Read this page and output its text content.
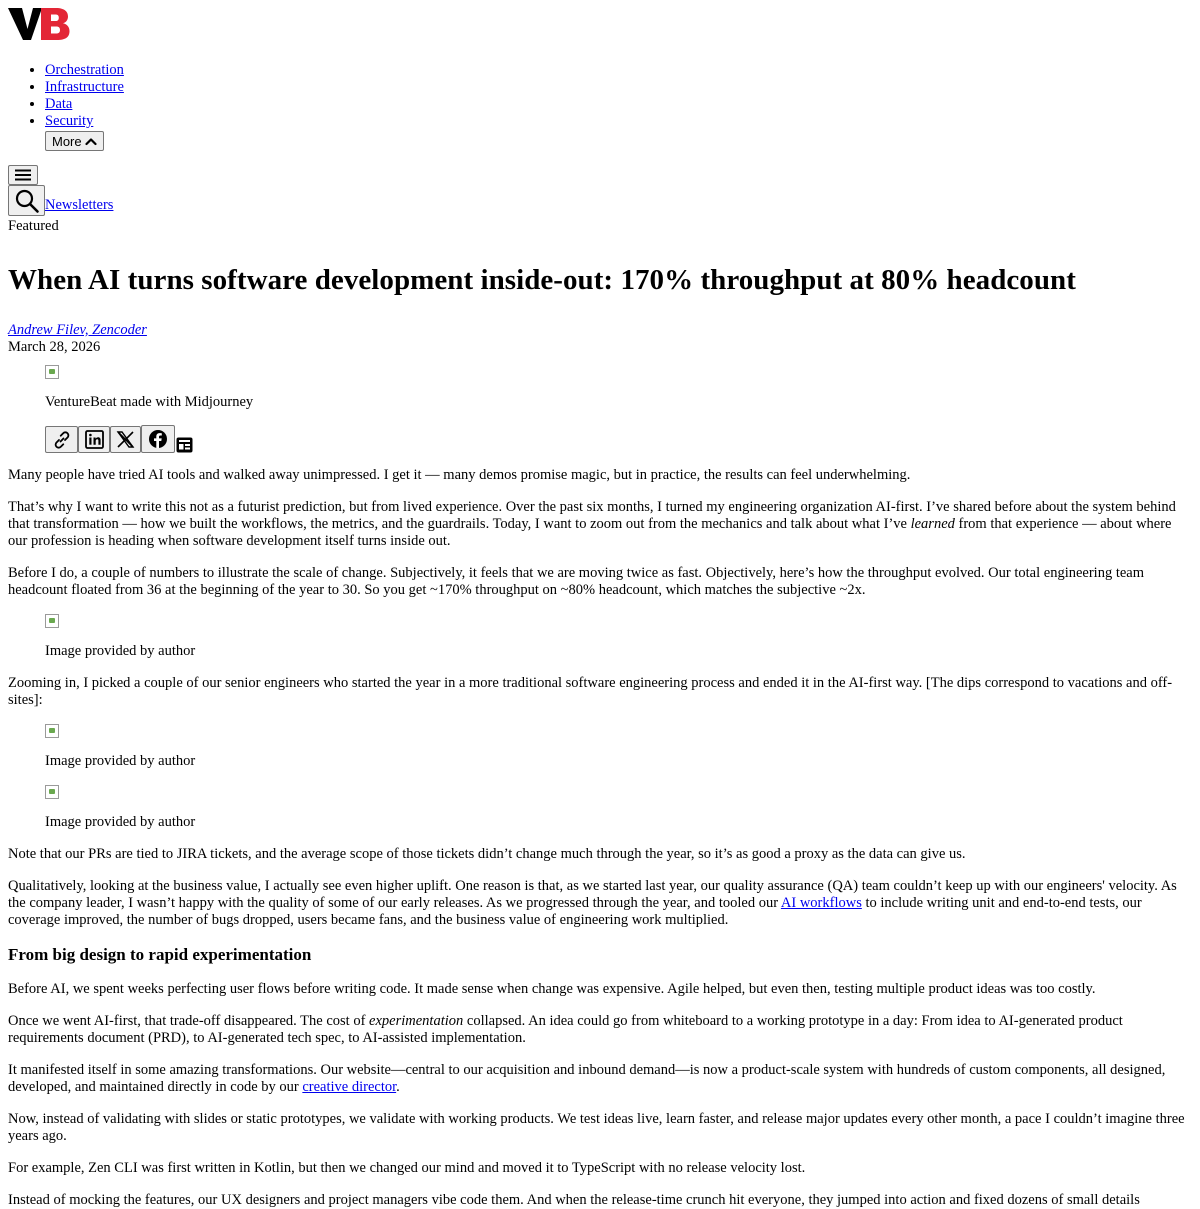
• Orchestration
• Infrastructure
• Data
• Security
More
Newsletters
Featured
When AI turns software development inside-out: 170% throughput at 80% headcount
Andrew Filev, Zencoder
March 28, 2026
VentureBeat made with Midjourney

Many people have tried AI tools and walked away unimpressed. I get it — many demos promise magic, but in practice, the results can feel underwhelming.

That’s why I want to write this not as a futurist prediction, but from lived experience. Over the past six months, I turned my engineering organization AI-first. I’ve shared before about the system behind that transformation — how we built the workflows, the metrics, and the guardrails. Today, I want to zoom out from the mechanics and talk about what I’ve learned from that experience — about where our profession is heading when software development itself turns inside out.

Before I do, a couple of numbers to illustrate the scale of change. Subjectively, it feels that we are moving twice as fast. Objectively, here’s how the throughput evolved. Our total engineering team headcount floated from 36 at the beginning of the year to 30. So you get ~170% throughput on ~80% headcount, which matches the subjective ~2x.

Image provided by author

Zooming in, I picked a couple of our senior engineers who started the year in a more traditional software engineering process and ended it in the AI-first way. [The dips correspond to vacations and off-sites]:

Image provided by author
Image provided by author

Note that our PRs are tied to JIRA tickets, and the average scope of those tickets didn’t change much through the year, so it’s as good a proxy as the data can give us.

Qualitatively, looking at the business value, I actually see even higher uplift. One reason is that, as we started last year, our quality assurance (QA) team couldn’t keep up with our engineers' velocity. As the company leader, I wasn’t happy with the quality of some of our early releases. As we progressed through the year, and tooled our AI workflows to include writing unit and end-to-end tests, our coverage improved, the number of bugs dropped, users became fans, and the business value of engineering work multiplied.

From big design to rapid experimentation

Before AI, we spent weeks perfecting user flows before writing code. It made sense when change was expensive. Agile helped, but even then, testing multiple product ideas was too costly.

Once we went AI-first, that trade-off disappeared. The cost of experimentation collapsed. An idea could go from whiteboard to a working prototype in a day: From idea to AI-generated product requirements document (PRD), to AI-generated tech spec, to AI-assisted implementation.

It manifested itself in some amazing transformations. Our website—central to our acquisition and inbound demand—is now a product-scale system with hundreds of custom components, all designed, developed, and maintained directly in code by our creative director.

Now, instead of validating with slides or static prototypes, we validate with working products. We test ideas live, learn faster, and release major updates every other month, a pace I couldn’t imagine three years ago.

For example, Zen CLI was first written in Kotlin, but then we changed our mind and moved it to TypeScript with no release velocity lost.

Instead of mocking the features, our UX designers and project managers vibe code them. And when the release-time crunch hit everyone, they jumped into action and fixed dozens of small details
